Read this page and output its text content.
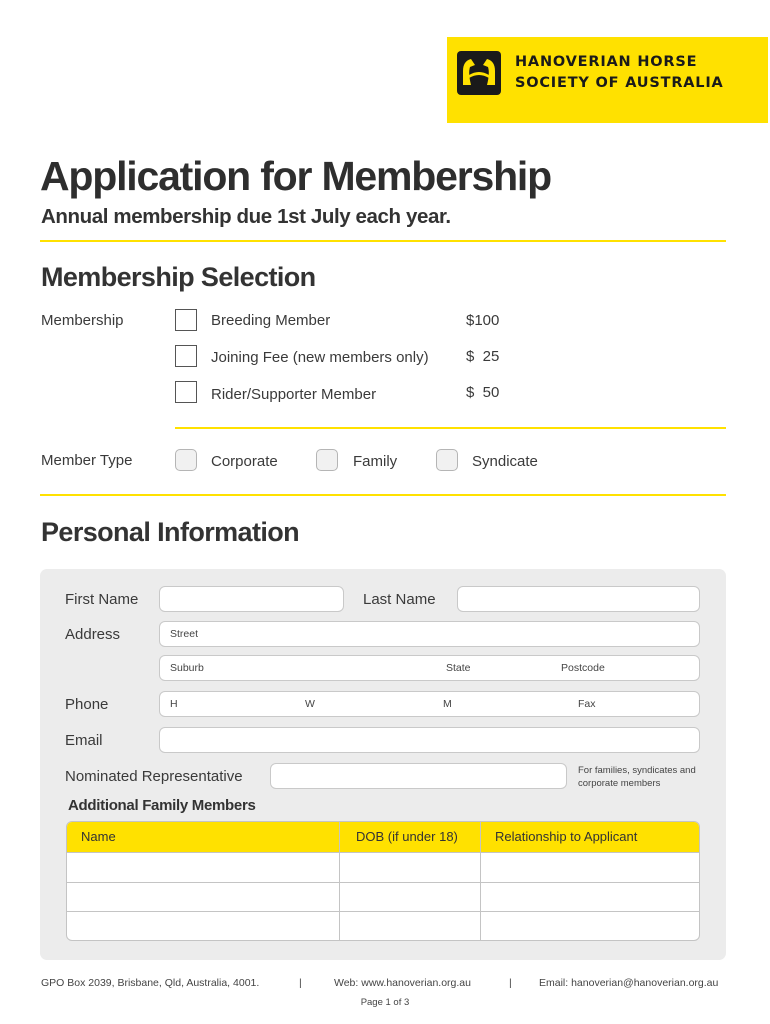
HANOVERIAN HORSE
SOCIETY OF AUSTRALIA
Application for Membership
Annual membership due 1st July each year.
Membership Selection
Membership	Breeding Member	$100
Joining Fee (new members only) $  25
Rider/Supporter Member	$  50
Member Type	Corporate	Family	Syndicate
Personal Information
First Name	Last Name
Address	Street
Suburb	State	Postcode
Phone	H	W	M	Fax
Email
Nominated Representative	For families, syndicates and corporate members
Additional Family Members
Name	DOB (if under 18)	Relationship to Applicant
GPO Box 2039, Brisbane, Qld, Australia, 4001.	|	Web: www.hanoverian.org.au	|	Email: hanoverian@hanoverian.org.au
Page 1 of 3
